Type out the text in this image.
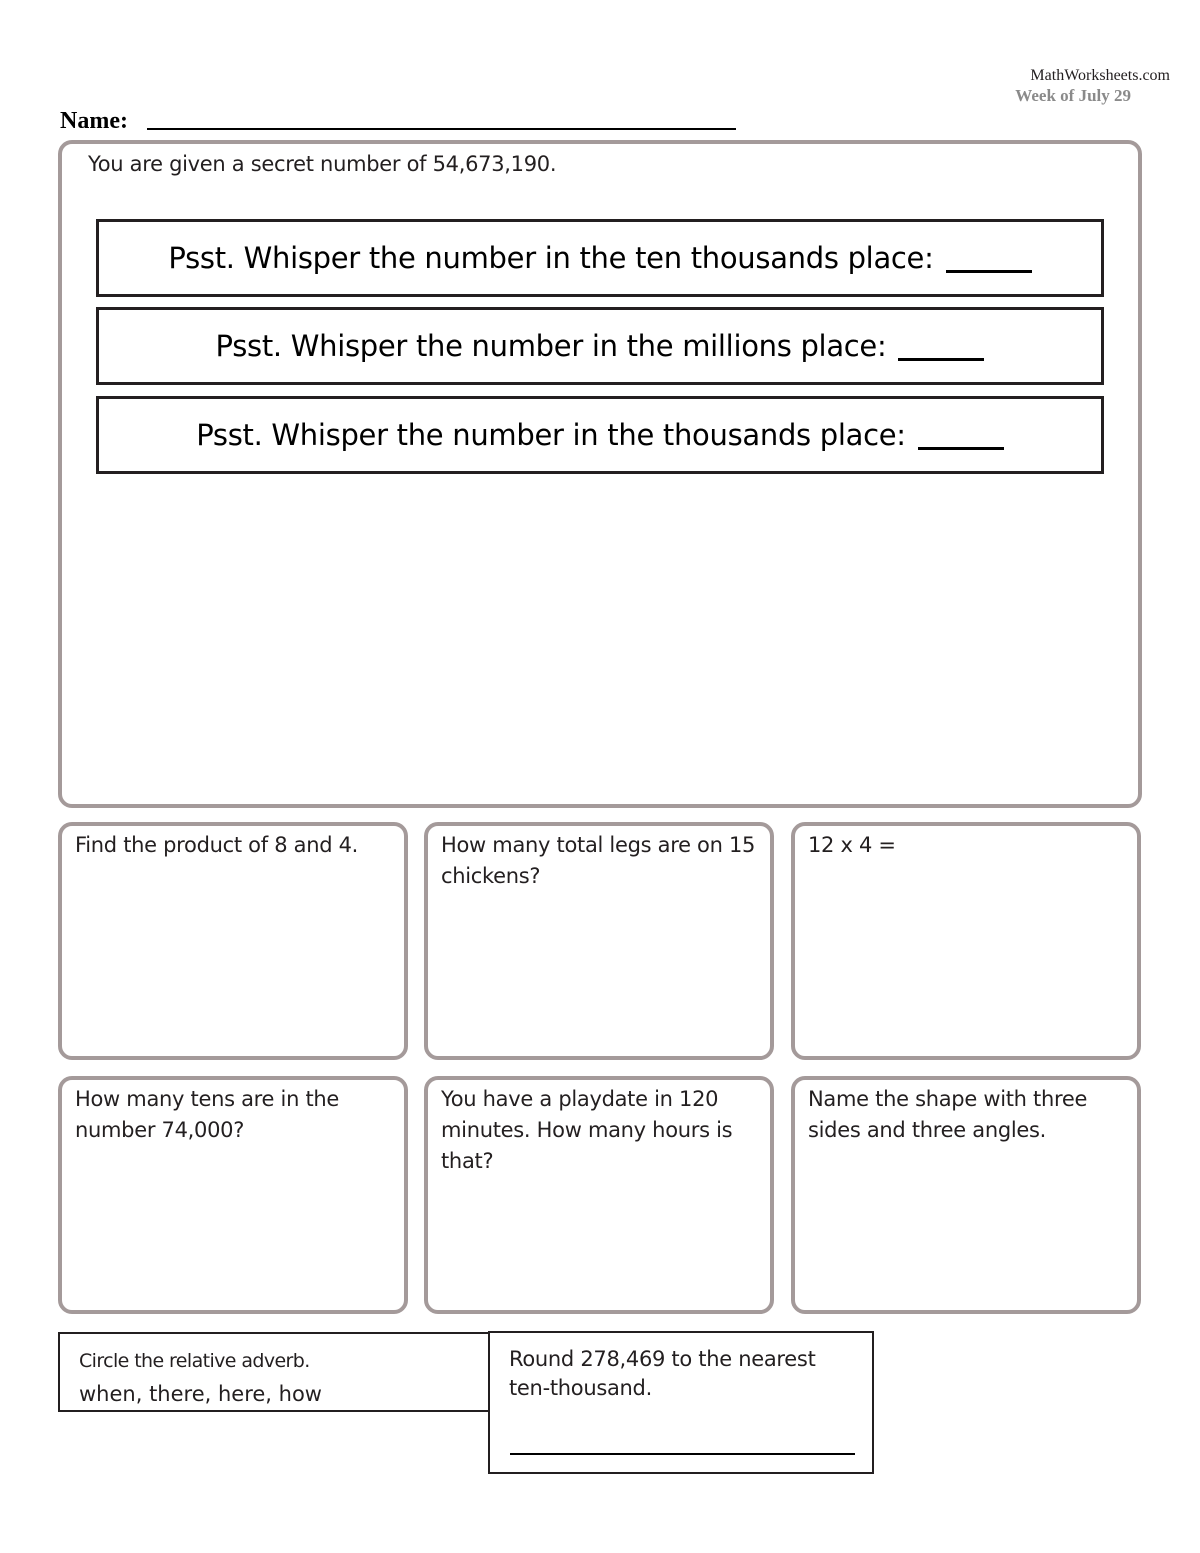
MathWorksheets.com
Week of July 29
Name:
You are given a secret number of 54,673,190.
Psst. Whisper the number in the ten thousands place:
Psst. Whisper the number in the millions place:
Psst. Whisper the number in the thousands place:
Find the product of 8 and 4.	How many total legs are on 15 chickens?
12 x 4 =
How many tens are in the number 74,000?
You have a playdate in 120 minutes. How many hours is that?
Name the shape with three sides and three angles.
Circle the relative adverb.
when, there, here, how
Round 278,469 to the nearest ten-thousand.
